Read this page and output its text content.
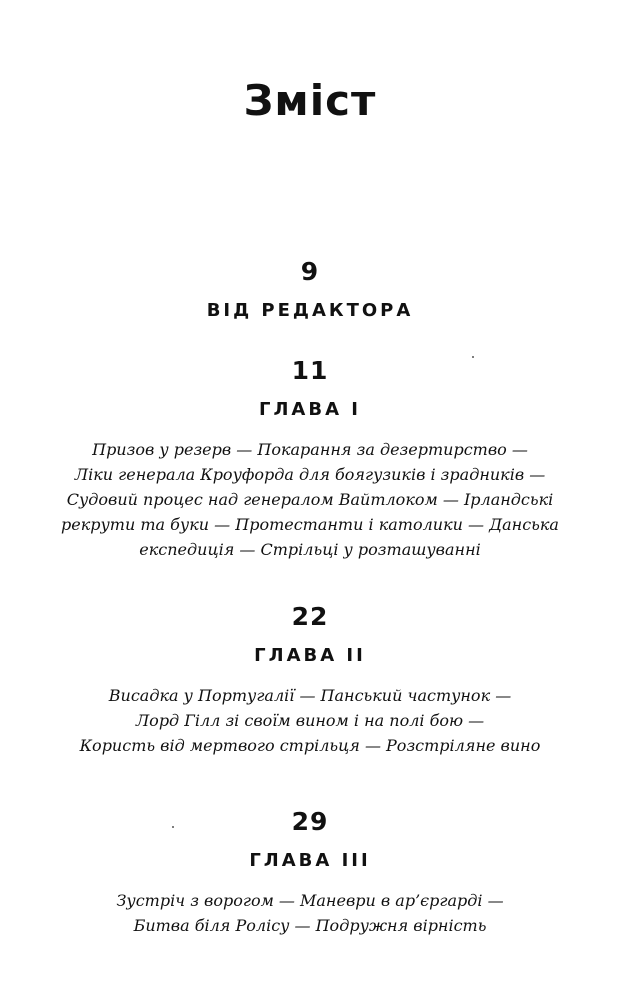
Зміст
9
ВІД РЕДАКТОРА
11
ГЛАВА І
Призов у резерв — Покарання за дезертирство —
Ліки генерала Кроуфорда для боягузиків і зрадників —
Судовий процес над генералом Вайтлоком — Ірландські
рекрути та буки — Протестанти і католики — Данська
експедиція — Стрільці у розташуванні
22
ГЛАВА ІІ
Висадка у Португалії — Панський частунок —
Лорд Гілл зі своїм вином і на полі бою —
Користь від мертвого стрільця — Розстріляне вино
29
ГЛАВА ІІІ
Зустріч з ворогом — Маневри в ар’єргарді —
Битва біля Ролісу — Подружня вірність
